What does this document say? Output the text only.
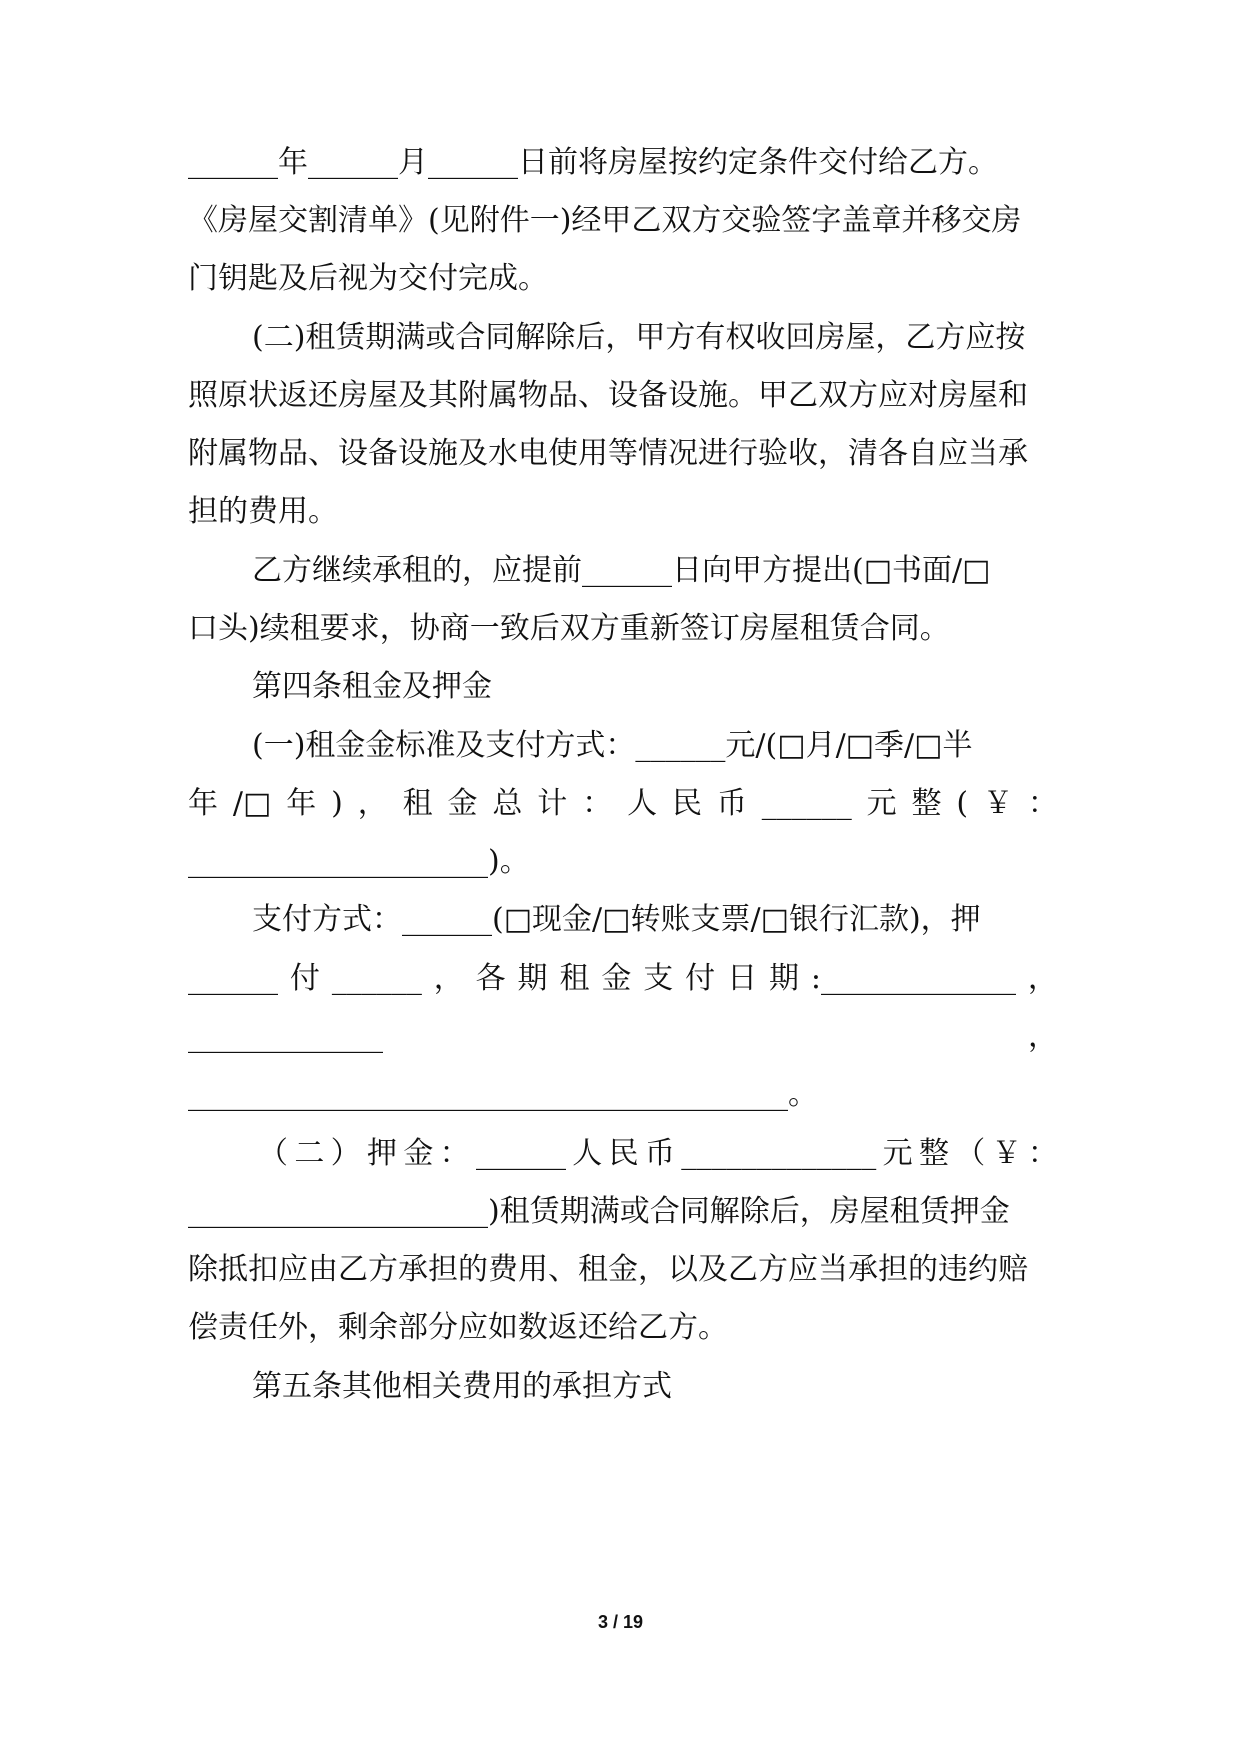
______年______月______日前将房屋按约定条件交付给乙方。
《房屋交割清单》(见附件一)经甲乙双方交验签字盖章并移交房
门钥匙及后视为交付完成。
(二)租赁期满或合同解除后，甲方有权收回房屋，乙方应按
照原状返还房屋及其附属物品、设备设施。甲乙双方应对房屋和
附属物品、设备设施及水电使用等情况进行验收，清各自应当承
担的费用。
乙方继续承租的，应提前______日向甲方提出(□书面/□
口头)续租要求，协商一致后双方重新签订房屋租赁合同。
第四条租金及押金
(一)租金金标准及支付方式：______元/(□月/□季/□半
年 /□ 年 ) ， 租 金 总 计 ： 人 民 币 ______ 元 整 ( ￥ ：
____________________)。
支付方式：______(□现金/□转账支票/□银行汇款)，押
______ 付 ______ ， 各 期 租 金 支 付 日 期 :_____________ ，
_____________	，
________________________________________。
（ 二 ） 押 金 ： ______ 人 民 币 _____________ 元 整 （ ￥ ：
____________________)租赁期满或合同解除后，房屋租赁押金
除抵扣应由乙方承担的费用、租金，以及乙方应当承担的违约赔
偿责任外，剩余部分应如数返还给乙方。
第五条其他相关费用的承担方式
3 / 19
